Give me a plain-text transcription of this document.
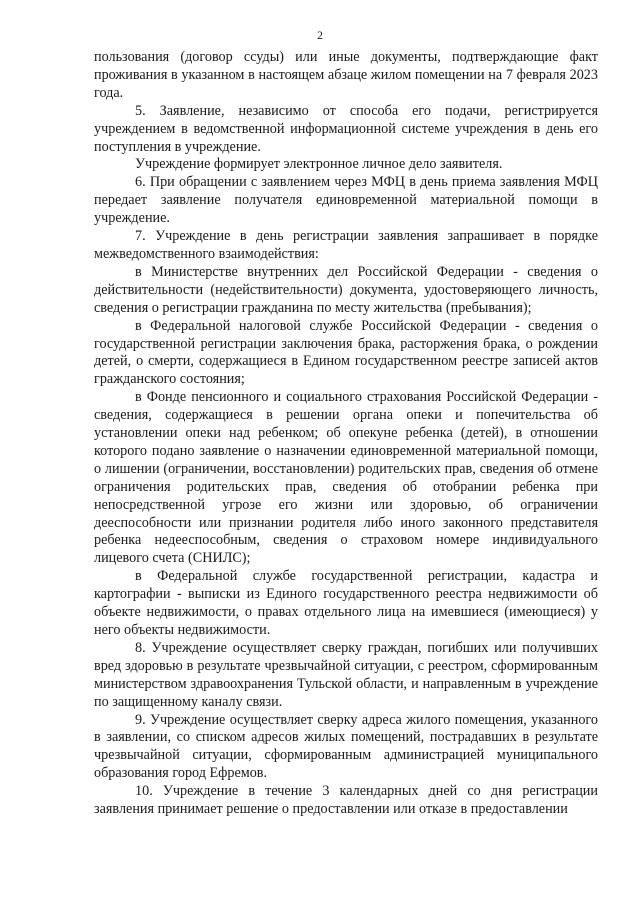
2

пользования (договор ссуды) или иные документы, подтверждающие факт проживания в указанном в настоящем абзаце жилом помещении на 7 февраля 2023 года.

5. Заявление, независимо от способа его подачи, регистрируется учреждением в ведомственной информационной системе учреждения в день его поступления в учреждение.

Учреждение формирует электронное личное дело заявителя.

6. При обращении с заявлением через МФЦ в день приема заявления МФЦ передает заявление получателя единовременной материальной помощи в учреждение.

7. Учреждение в день регистрации заявления запрашивает в порядке межведомственного взаимодействия:

в Министерстве внутренних дел Российской Федерации - сведения о действительности (недействительности) документа, удостоверяющего личность, сведения о регистрации гражданина по месту жительства (пребывания);

в Федеральной налоговой службе Российской Федерации - сведения о государственной регистрации заключения брака, расторжения брака, о рождении детей, о смерти, содержащиеся в Едином государственном реестре записей актов гражданского состояния;

в Фонде пенсионного и социального страхования Российской Федерации - сведения, содержащиеся в решении органа опеки и попечительства об установлении опеки над ребенком; об опекуне ребенка (детей), в отношении которого подано заявление о назначении единовременной материальной помощи, о лишении (ограничении, восстановлении) родительских прав, сведения об отмене ограничения родительских прав, сведения об отобрании ребенка при непосредственной угрозе его жизни или здоровью, об ограничении дееспособности или признании родителя либо иного законного представителя ребенка недееспособным, сведения о страховом номере индивидуального лицевого счета (СНИЛС);

в Федеральной службе государственной регистрации, кадастра и картографии - выписки из Единого государственного реестра недвижимости об объекте недвижимости, о правах отдельного лица на имевшиеся (имеющиеся) у него объекты недвижимости.

8. Учреждение осуществляет сверку граждан, погибших или получивших вред здоровью в результате чрезвычайной ситуации, с реестром, сформированным министерством здравоохранения Тульской области, и направленным в учреждение по защищенному каналу связи.

9. Учреждение осуществляет сверку адреса жилого помещения, указанного в заявлении, со списком адресов жилых помещений, пострадавших в результате чрезвычайной ситуации, сформированным администрацией муниципального образования город Ефремов.

10. Учреждение в течение 3 календарных дней со дня регистрации заявления принимает решение о предоставлении или отказе в предоставлении
